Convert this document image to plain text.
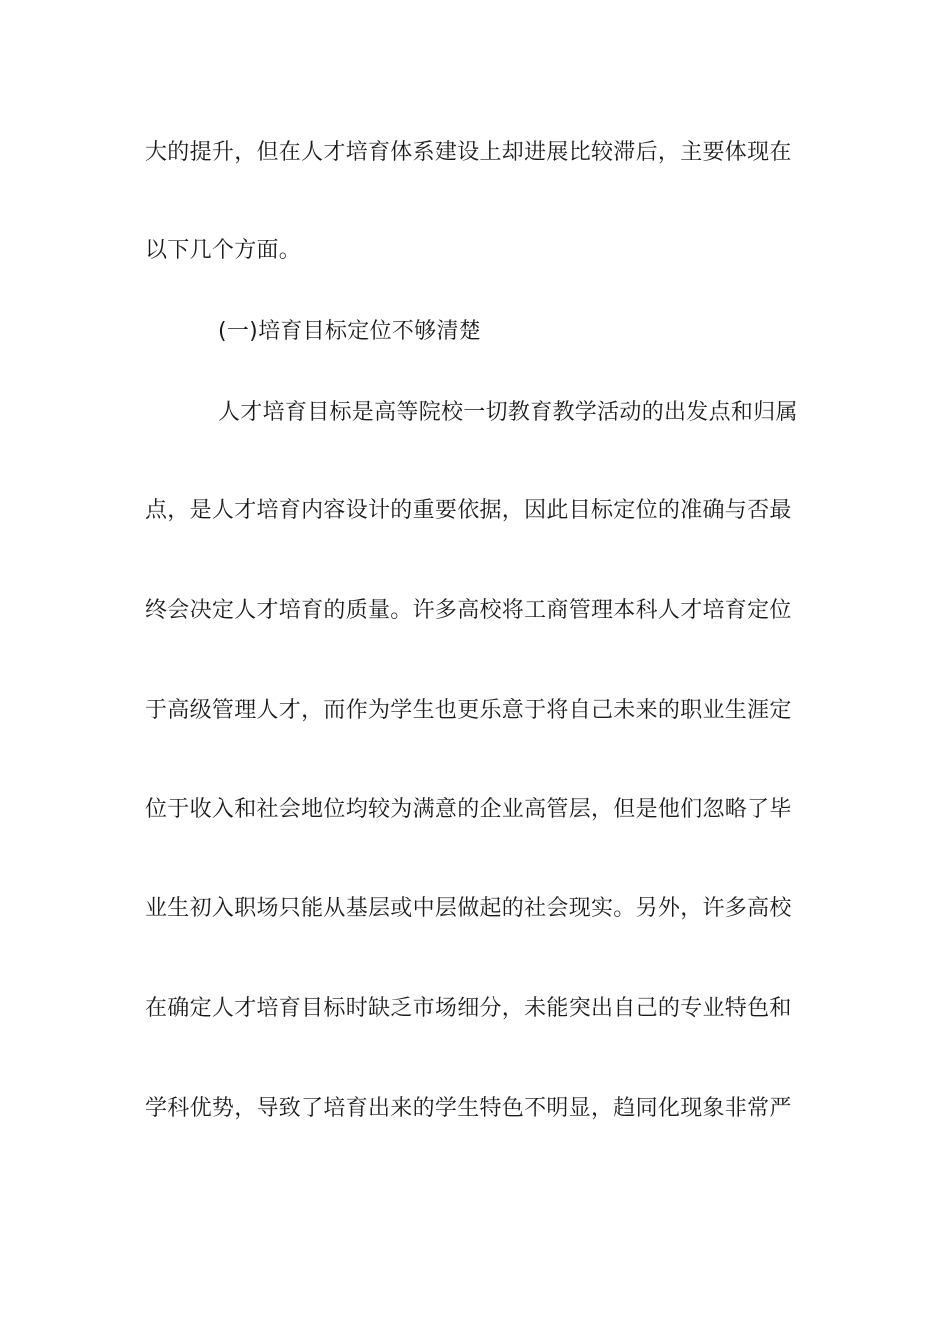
大的提升，但在人才培育体系建设上却进展比较滞后，主要体现在
以下几个方面。
(一)培育目标定位不够清楚
人才培育目标是高等院校一切教育教学活动的出发点和归属
点，是人才培育内容设计的重要依据，因此目标定位的准确与否最
终会决定人才培育的质量。许多高校将工商管理本科人才培育定位
于高级管理人才，而作为学生也更乐意于将自己未来的职业生涯定
位于收入和社会地位均较为满意的企业高管层，但是他们忽略了毕
业生初入职场只能从基层或中层做起的社会现实。另外，许多高校
在确定人才培育目标时缺乏市场细分，未能突出自己的专业特色和
学科优势，导致了培育出来的学生特色不明显，趋同化现象非常严
